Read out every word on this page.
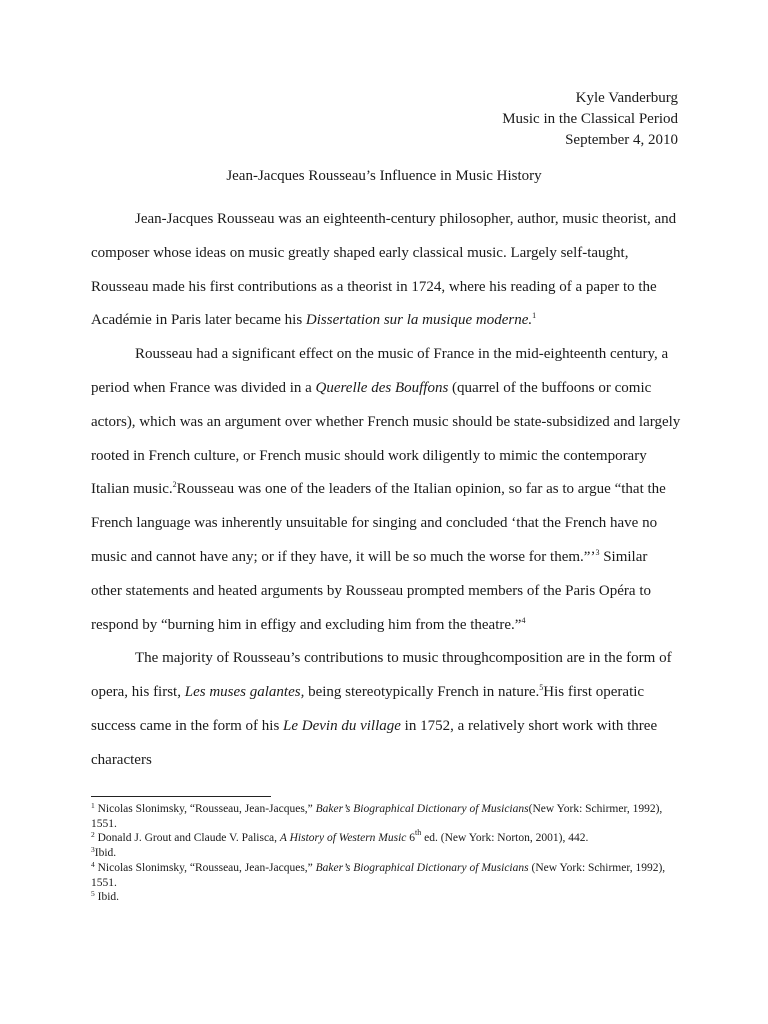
Kyle Vanderburg
Music in the Classical Period
September 4, 2010
Jean-Jacques Rousseau’s Influence in Music History

Jean-Jacques Rousseau was an eighteenth-century philosopher, author, music theorist, and composer whose ideas on music greatly shaped early classical music. Largely self-taught, Rousseau made his first contributions as a theorist in 1724, where his reading of a paper to the Académie in Paris later became his Dissertation sur la musique moderne.$^1$

Rousseau had a significant effect on the music of France in the mid-eighteenth century, a period when France was divided in a Querelle des Bouffons (quarrel of the buffoons or comic actors), which was an argument over whether French music should be state-subsidized and largely rooted in French culture, or French music should work diligently to mimic the contemporary Italian music.$^2$Rousseau was one of the leaders of the Italian opinion, so far as to argue “that the French language was inherently unsuitable for singing and concluded ‘that the French have no music and cannot have any; or if they have, it will be so much the worse for them.”’$^3$ Similar other statements and heated arguments by Rousseau prompted members of the Paris Opéra to respond by “burning him in effigy and excluding him from the theatre.”$^4$

The majority of Rousseau’s contributions to music throughcomposition are in the form of opera, his first, Les muses galantes, being stereotypically French in nature.$^5$His first operatic success came in the form of his Le Devin du village in 1752, a relatively short work with three characters

$^1$ Nicolas Slonimsky, “Rousseau, Jean-Jacques,” Baker’s Biographical Dictionary of Musicians(New York: Schirmer, 1992), 1551.
$^2$ Donald J. Grout and Claude V. Palisca, A History of Western Music 6th ed. (New York: Norton, 2001), 442.
$^3$Ibid.
$^4$ Nicolas Slonimsky, “Rousseau, Jean-Jacques,” Baker’s Biographical Dictionary of Musicians (New York: Schirmer, 1992), 1551.
$^5$ Ibid.
